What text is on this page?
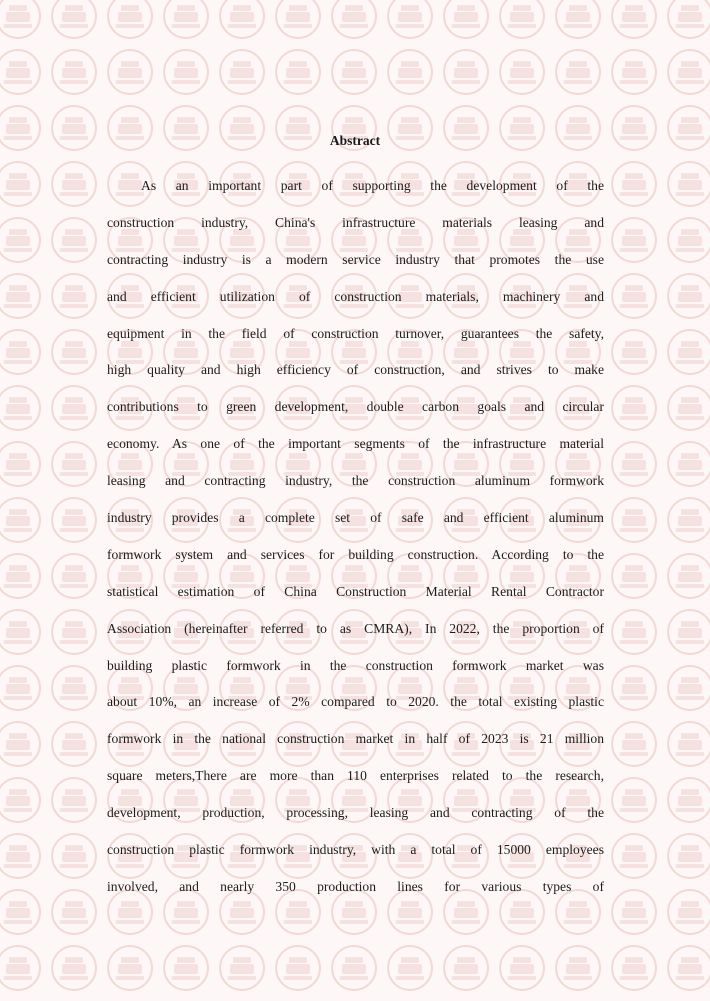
Abstract
As an important part of supporting the development of the
construction industry, China's infrastructure materials leasing and
contracting industry is a modern service industry that promotes the use
and efficient utilization of construction materials, machinery and
equipment in the field of construction turnover, guarantees the safety,
high quality and high efficiency of construction, and strives to make
contributions to green development, double carbon goals and circular
economy. As one of the important segments of the infrastructure material
leasing and contracting industry, the construction aluminum formwork
industry provides a complete set of safe and efficient aluminum
formwork system and services for building construction. According to the
statistical estimation of China Construction Material Rental Contractor
Association (hereinafter referred to as CMRA), In 2022, the proportion of
building plastic formwork in the construction formwork market was
about 10%, an increase of 2% compared to 2020. the total existing plastic
formwork in the national construction market in half of 2023 is 21 million
square meters,There are more than 110 enterprises related to the research,
development, production, processing, leasing and contracting of the
construction plastic formwork industry, with a total of 15000 employees
involved, and nearly 350 production lines for various types of
